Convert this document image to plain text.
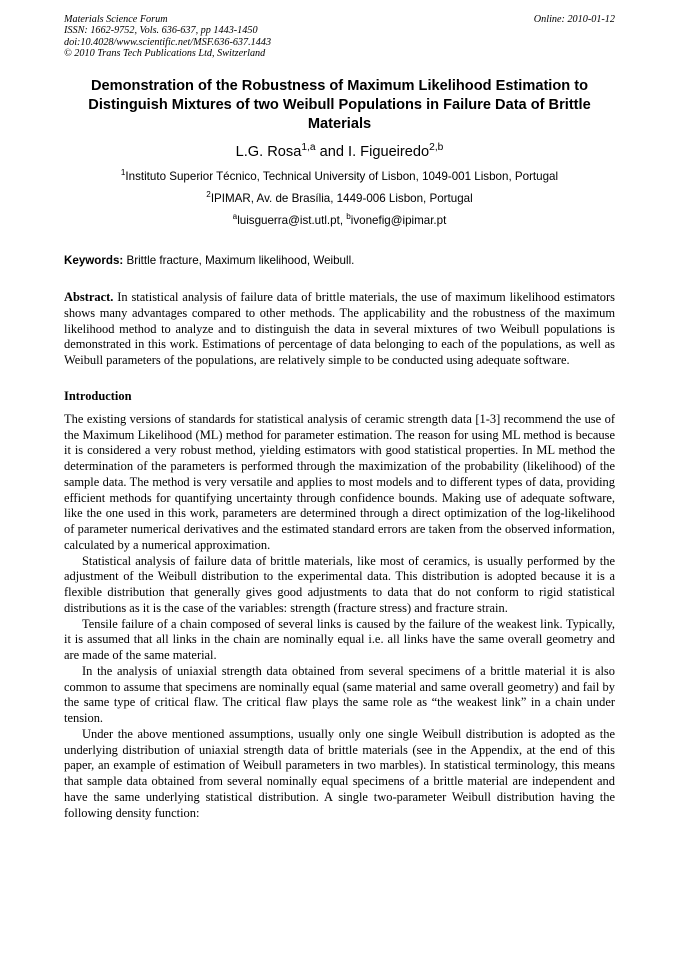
Materials Science Forum
ISSN: 1662-9752, Vols. 636-637, pp 1443-1450
doi:10.4028/www.scientific.net/MSF.636-637.1443
© 2010 Trans Tech Publications Ltd, Switzerland
Online: 2010-01-12
Demonstration of the Robustness of Maximum Likelihood Estimation to Distinguish Mixtures of two Weibull Populations in Failure Data of Brittle Materials
L.G. Rosa$^{1,a}$ and I. Figueiredo$^{2,b}$
$^1$Instituto Superior Técnico, Technical University of Lisbon, 1049-001 Lisbon, Portugal
$^2$IPIMAR, Av. de Brasília, 1449-006 Lisbon, Portugal
$^a$luisguerra@ist.utl.pt, $^b$ivonefig@ipimar.pt
Keywords: Brittle fracture, Maximum likelihood, Weibull.

Abstract. In statistical analysis of failure data of brittle materials, the use of maximum likelihood estimators shows many advantages compared to other methods. The applicability and the robustness of the maximum likelihood method to analyze and to distinguish the data in several mixtures of two Weibull populations is demonstrated in this work. Estimations of percentage of data belonging to each of the populations, as well as Weibull parameters of the populations, are relatively simple to be conducted using adequate software.

Introduction

The existing versions of standards for statistical analysis of ceramic strength data [1-3] recommend the use of the Maximum Likelihood (ML) method for parameter estimation. The reason for using ML method is because it is considered a very robust method, yielding estimators with good statistical properties. In ML method the determination of the parameters is performed through the maximization of the probability (likelihood) of the sample data. The method is very versatile and applies to most models and to different types of data, providing efficient methods for quantifying uncertainty through confidence bounds. Making use of adequate software, like the one used in this work, parameters are determined through a direct optimization of the log-likelihood of parameter numerical derivatives and the estimated standard errors are taken from the observed information, calculated by a numerical approximation.

Statistical analysis of failure data of brittle materials, like most of ceramics, is usually performed by the adjustment of the Weibull distribution to the experimental data. This distribution is adopted because it is a flexible distribution that generally gives good adjustments to data that do not conform to rigid statistical distributions as it is the case of the variables: strength (fracture stress) and fracture strain.

Tensile failure of a chain composed of several links is caused by the failure of the weakest link. Typically, it is assumed that all links in the chain are nominally equal i.e. all links have the same overall geometry and are made of the same material.

In the analysis of uniaxial strength data obtained from several specimens of a brittle material it is also common to assume that specimens are nominally equal (same material and same overall geometry) and fail by the same type of critical flaw. The critical flaw plays the same role as “the weakest link” in a chain under tension.

Under the above mentioned assumptions, usually only one single Weibull distribution is adopted as the underlying distribution of uniaxial strength data of brittle materials (see in the Appendix, at the end of this paper, an example of estimation of Weibull parameters in two marbles). In statistical terminology, this means that sample data obtained from several nominally equal specimens of a brittle material are independent and have the same underlying statistical distribution. A single two-parameter Weibull distribution having the following density function:
